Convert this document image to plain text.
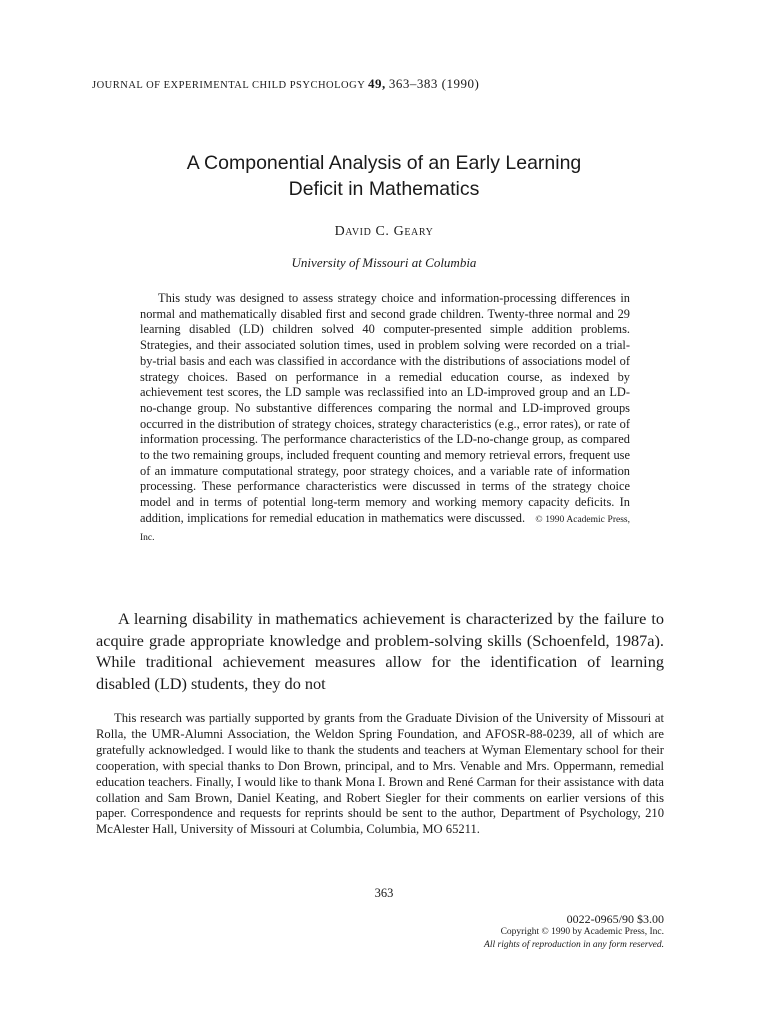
JOURNAL OF EXPERIMENTAL CHILD PSYCHOLOGY 49, 363–383 (1990)
A Componential Analysis of an Early Learning
Deficit in Mathematics
David C. Geary
University of Missouri at Columbia

This study was designed to assess strategy choice and information-processing differences in normal and mathematically disabled first and second grade children. Twenty-three normal and 29 learning disabled (LD) children solved 40 computer-presented simple addition problems. Strategies, and their associated solution times, used in problem solving were recorded on a trial-by-trial basis and each was classified in accordance with the distributions of associations model of strategy choices. Based on performance in a remedial education course, as indexed by achievement test scores, the LD sample was reclassified into an LD-improved group and an LD-no-change group. No substantive differences comparing the normal and LD-improved groups occurred in the distribution of strategy choices, strategy characteristics (e.g., error rates), or rate of information processing. The performance characteristics of the LD-no-change group, as compared to the two remaining groups, included frequent counting and memory retrieval errors, frequent use of an immature computational strategy, poor strategy choices, and a variable rate of information processing. These performance characteristics were discussed in terms of the strategy choice model and in terms of potential long-term memory and working memory capacity deficits. In addition, implications for remedial education in mathematics were discussed. © 1990 Academic Press, Inc.

A learning disability in mathematics achievement is characterized by the failure to acquire grade appropriate knowledge and problem-solving skills (Schoenfeld, 1987a). While traditional achievement measures allow for the identification of learning disabled (LD) students, they do not

This research was partially supported by grants from the Graduate Division of the University of Missouri at Rolla, the UMR-Alumni Association, the Weldon Spring Foundation, and AFOSR-88-0239, all of which are gratefully acknowledged. I would like to thank the students and teachers at Wyman Elementary school for their cooperation, with special thanks to Don Brown, principal, and to Mrs. Venable and Mrs. Oppermann, remedial education teachers. Finally, I would like to thank Mona I. Brown and René Carman for their assistance with data collation and Sam Brown, Daniel Keating, and Robert Siegler for their comments on earlier versions of this paper. Correspondence and requests for reprints should be sent to the author, Department of Psychology, 210 McAlester Hall, University of Missouri at Columbia, Columbia, MO 65211.

363
0022-0965/90 $3.00
Copyright © 1990 by Academic Press, Inc.
All rights of reproduction in any form reserved.
